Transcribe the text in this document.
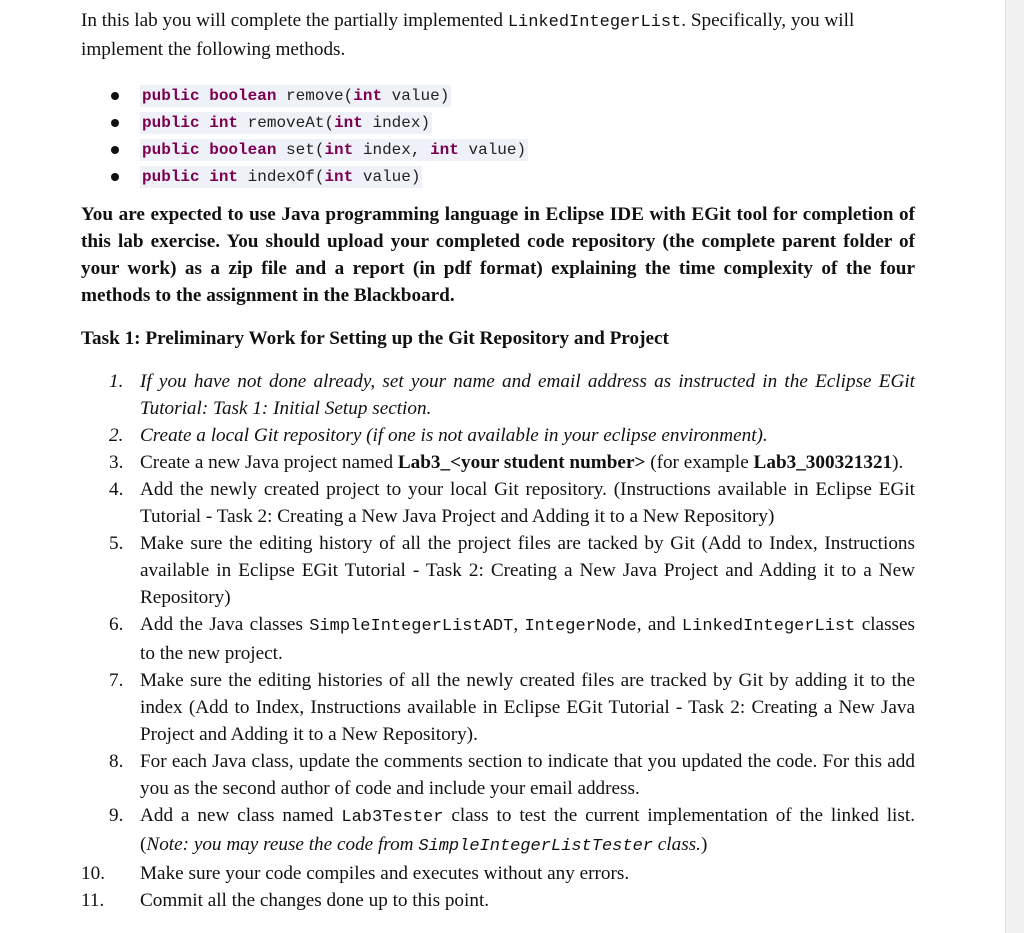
In this lab you will complete the partially implemented LinkedIntegerList. Specifically, you will implement the following methods.

public boolean remove(int value)
public int removeAt(int index)
public boolean set(int index, int value)
public int indexOf(int value)

You are expected to use Java programming language in Eclipse IDE with EGit tool for completion of this lab exercise. You should upload your completed code repository (the complete parent folder of your work) as a zip file and a report (in pdf format) explaining the time complexity of the four methods to the assignment in the Blackboard.

Task 1: Preliminary Work for Setting up the Git Repository and Project

1. If you have not done already, set your name and email address as instructed in the Eclipse EGit Tutorial: Task 1: Initial Setup section.
2. Create a local Git repository (if one is not available in your eclipse environment).
3. Create a new Java project named Lab3_<your student number> (for example Lab3_300321321).
4. Add the newly created project to your local Git repository. (Instructions available in Eclipse EGit Tutorial - Task 2: Creating a New Java Project and Adding it to a New Repository)
5. Make sure the editing history of all the project files are tacked by Git (Add to Index, Instructions available in Eclipse EGit Tutorial - Task 2: Creating a New Java Project and Adding it to a New Repository)
6. Add the Java classes SimpleIntegerListADT, IntegerNode, and LinkedIntegerList classes to the new project.
7. Make sure the editing histories of all the newly created files are tracked by Git by adding it to the index (Add to Index, Instructions available in Eclipse EGit Tutorial - Task 2: Creating a New Java Project and Adding it to a New Repository).
8. For each Java class, update the comments section to indicate that you updated the code. For this add you as the second author of code and include your email address.
9. Add a new class named Lab3Tester class to test the current implementation of the linked list. (Note: you may reuse the code from SimpleIntegerListTester class.)
10. Make sure your code compiles and executes without any errors.
11. Commit all the changes done up to this point.
